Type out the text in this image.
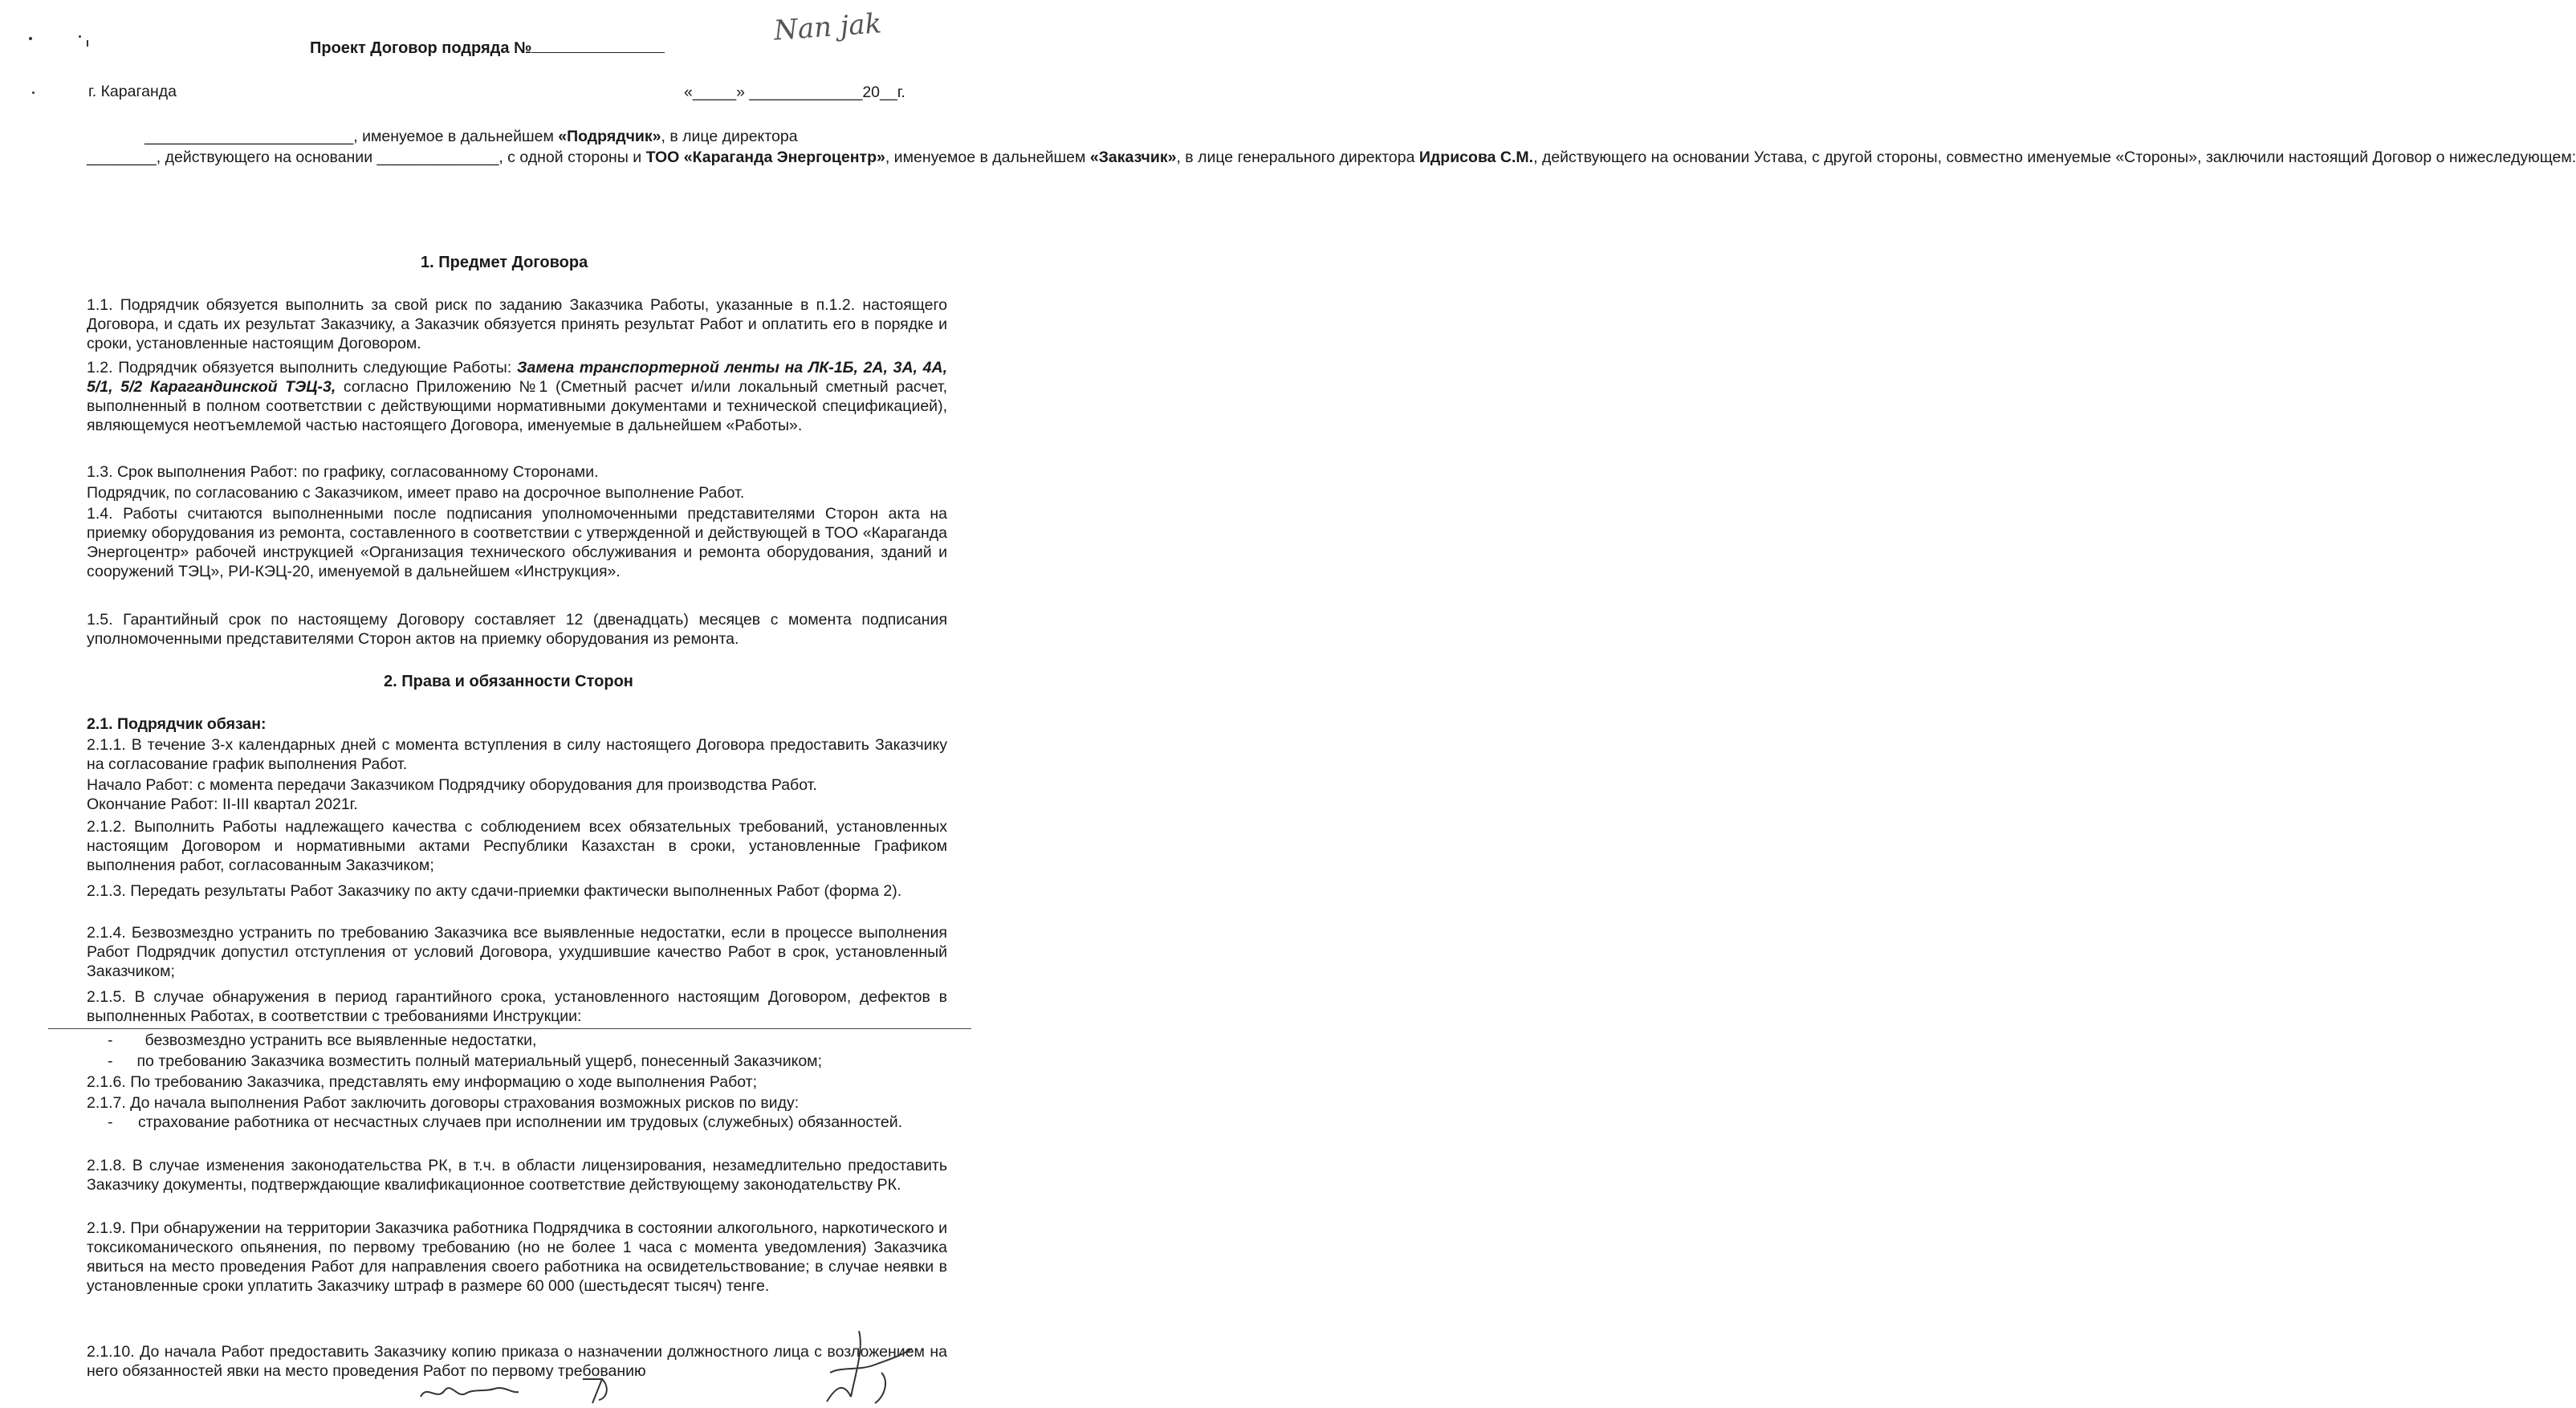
Nan jak
Проект Договор подряда №
г. Караганда	«_____» _____________20__г.
________________________, именуемое в дальнейшем «Подрядчик», в лице директора
________, действующего на основании ______________, с одной стороны и ТОО «Караганда Энергоцентр», именуемое в дальнейшем «Заказчик», в лице генерального директора Идрисова С.М., действующего на основании Устава, с другой стороны, совместно именуемые «Стороны», заключили настоящий Договор о нижеследующем:
1. Предмет Договора
1.1. Подрядчик обязуется выполнить за свой риск по заданию Заказчика Работы, указанные в п.1.2. настоящего Договора, и сдать их результат Заказчику, а Заказчик обязуется принять результат Работ и оплатить его в порядке и сроки, установленные настоящим Договором.
1.2. Подрядчик обязуется выполнить следующие Работы: Замена транспортерной ленты на ЛК-1Б, 2А, 3А, 4А, 5/1, 5/2 Карагандинской ТЭЦ-3, согласно Приложению №1 (Сметный расчет и/или локальный сметный расчет, выполненный в полном соответствии с действующими нормативными документами и технической спецификацией), являющемуся неотъемлемой частью настоящего Договора, именуемые в дальнейшем «Работы».
1.3. Срок выполнения Работ: по графику, согласованному Сторонами.
Подрядчик, по согласованию с Заказчиком, имеет право на досрочное выполнение Работ.
1.4. Работы считаются выполненными после подписания уполномоченными представителями Сторон акта на приемку оборудования из ремонта, составленного в соответствии с утвержденной и действующей в ТОО «Караганда Энергоцентр» рабочей инструкцией «Организация технического обслуживания и ремонта оборудования, зданий и сооружений ТЭЦ», РИ-КЭЦ-20, именуемой в дальнейшем «Инструкция».
1.5. Гарантийный срок по настоящему Договору составляет 12 (двенадцать) месяцев с момента подписания уполномоченными представителями Сторон актов на приемку оборудования из ремонта.
2. Права и обязанности Сторон
2.1. Подрядчик обязан:
2.1.1. В течение 3-х календарных дней с момента вступления в силу настоящего Договора предоставить Заказчику на согласование график выполнения Работ.
Начало Работ: с момента передачи Заказчиком Подрядчику оборудования для производства Работ.
Окончание Работ: II-III квартал 2021г.
2.1.2. Выполнить Работы надлежащего качества с соблюдением всех обязательных требований, установленных настоящим Договором и нормативными актами Республики Казахстан в сроки, установленные Графиком выполнения работ, согласованным Заказчиком;
2.1.3. Передать результаты Работ Заказчику по акту сдачи-приемки фактически выполненных Работ (форма 2).
2.1.4. Безвозмездно устранить по требованию Заказчика все выявленные недостатки, если в процессе выполнения Работ Подрядчик допустил отступления от условий Договора, ухудшившие качество Работ в срок, установленный Заказчиком;
2.1.5. В случае обнаружения в период гарантийного срока, установленного настоящим Договором, дефектов в выполненных Работах, в соответствии с требованиями Инструкции:
- безвозмездно устранить все выявленные недостатки,
- по требованию Заказчика возместить полный материальный ущерб, понесенный Заказчиком;
2.1.6. По требованию Заказчика, представлять ему информацию о ходе выполнения Работ;
2.1.7. До начала выполнения Работ заключить договоры страхования возможных рисков по виду:
- страхование работника от несчастных случаев при исполнении им трудовых (служебных) обязанностей.
2.1.8. В случае изменения законодательства РК, в т.ч. в области лицензирования, незамедлительно предоставить Заказчику документы, подтверждающие квалификационное соответствие действующему законодательству РК.
2.1.9. При обнаружении на территории Заказчика работника Подрядчика в состоянии алкогольного, наркотического и токсикоманического опьянения, по первому требованию (но не более 1 часа с момента уведомления) Заказчика явиться на место проведения Работ для направления своего работника на освидетельствование; в случае неявки в установленные сроки уплатить Заказчику штраф в размере 60 000 (шестьдесят тысяч) тенге.
2.1.10. До начала Работ предоставить Заказчику копию приказа о назначении должностного лица с возложением на него обязанностей явки на место проведения Работ по первому требованию
